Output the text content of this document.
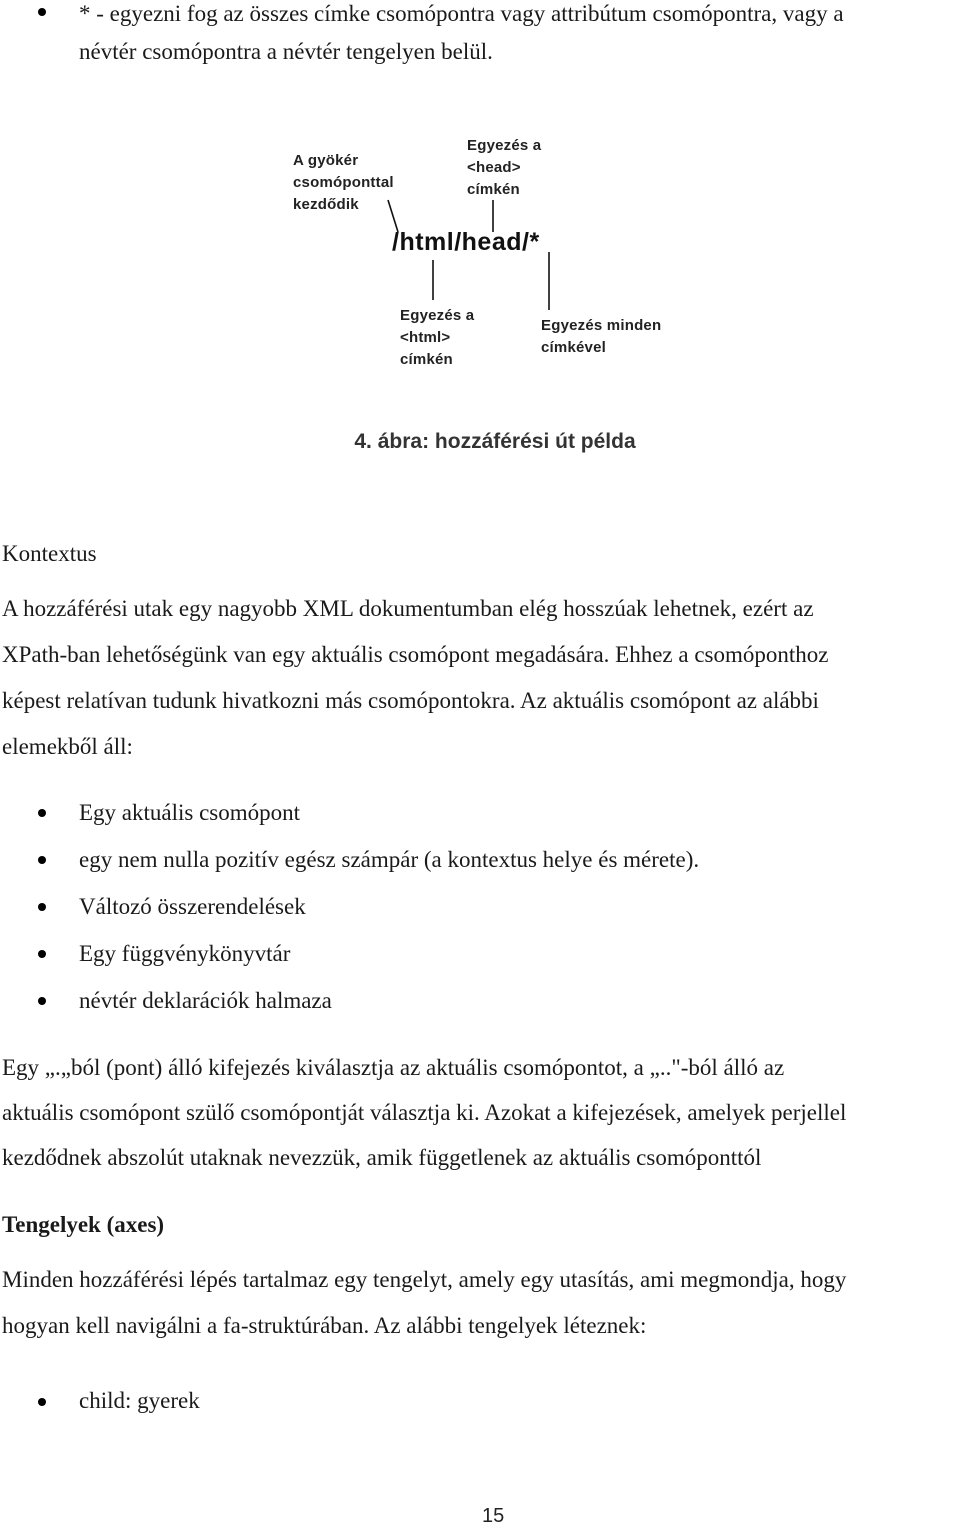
* - egyezni fog az összes címke csomópontra vagy attribútum csomópontra, vagy a
névtér csomópontra a névtér tengelyen belül.
A gyökér
csomóponttal
kezdődik
Egyezés a
<head>
címkén
/html/head/*
Egyezés a
<html>
címkén
Egyezés minden
címkével
4. ábra: hozzáférési út példa
Kontextus
A hozzáférési utak egy nagyobb XML dokumentumban elég hosszúak lehetnek, ezért az
XPath-ban lehetőségünk van egy aktuális csomópont megadására. Ehhez a csomóponthoz
képest relatívan tudunk hivatkozni más csomópontokra. Az aktuális csomópont az alábbi
elemekből áll:
Egy aktuális csomópont
egy nem nulla pozitív egész számpár (a kontextus helye és mérete).
Változó összerendelések
Egy függvénykönyvtár
névtér deklarációk halmaza
Egy „.„ból (pont) álló kifejezés kiválasztja az aktuális csomópontot, a „.."-ból álló az
aktuális csomópont szülő csomópontját választja ki. Azokat a kifejezések, amelyek perjellel
kezdődnek abszolút utaknak nevezzük, amik függetlenek az aktuális csomóponttól
Tengelyek (axes)
Minden hozzáférési lépés tartalmaz egy tengelyt, amely egy utasítás, ami megmondja, hogy
hogyan kell navigálni a fa-struktúrában. Az alábbi tengelyek léteznek:
child: gyerek
15
